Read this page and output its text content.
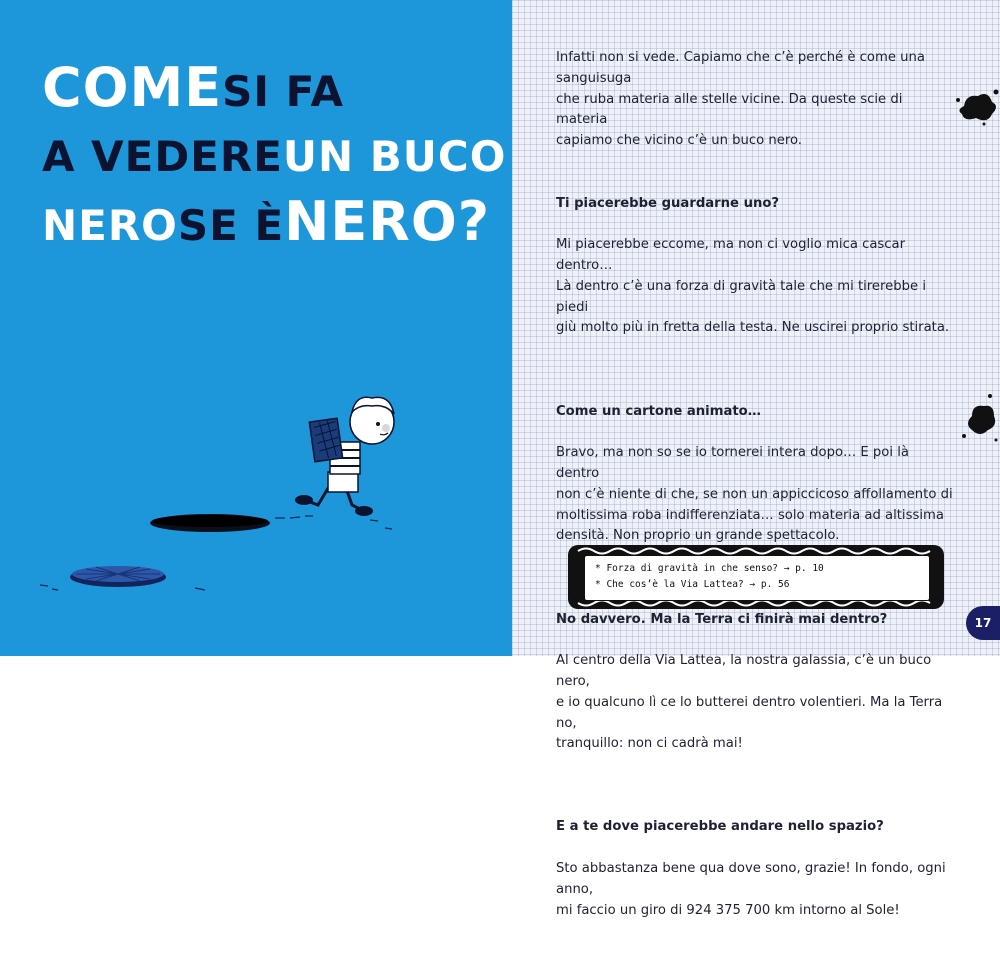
COMESI FA
A VEDEREUN BUCO
NEROSE ÈNERO?

Infatti non si vede. Capiamo che c’è perché è come una sanguisuga
che ruba materia alle stelle vicine. Da queste scie di materia
capiamo che vicino c’è un buco nero.

Ti piacerebbe guardarne uno?

Mi piacerebbe eccome, ma non ci voglio mica cascar dentro…
Là dentro c’è una forza di gravità tale che mi tirerebbe i piedi
giù molto più in fretta della testa. Ne uscirei proprio stirata.

Come un cartone animato…

Bravo, ma non so se io tornerei intera dopo… E poi là dentro
non c’è niente di che, se non un appiccicoso affollamento di
moltissima roba indifferenziata… solo materia ad altissima
densità. Non proprio un grande spettacolo.

No davvero. Ma la Terra ci finirà mai dentro?

Al centro della Via Lattea, la nostra galassia, c’è un buco nero,
e io qualcuno lì ce lo butterei dentro volentieri. Ma la Terra no,
tranquillo: non ci cadrà mai!

E a te dove piacerebbe andare nello spazio?

Sto abbastanza bene qua dove sono, grazie! In fondo, ogni anno,
mi faccio un giro di 924 375 700 km intorno al Sole!

* Forza di gravità in che senso? → p. 10
* Che cos’è la Via Lattea? → p. 56
17
